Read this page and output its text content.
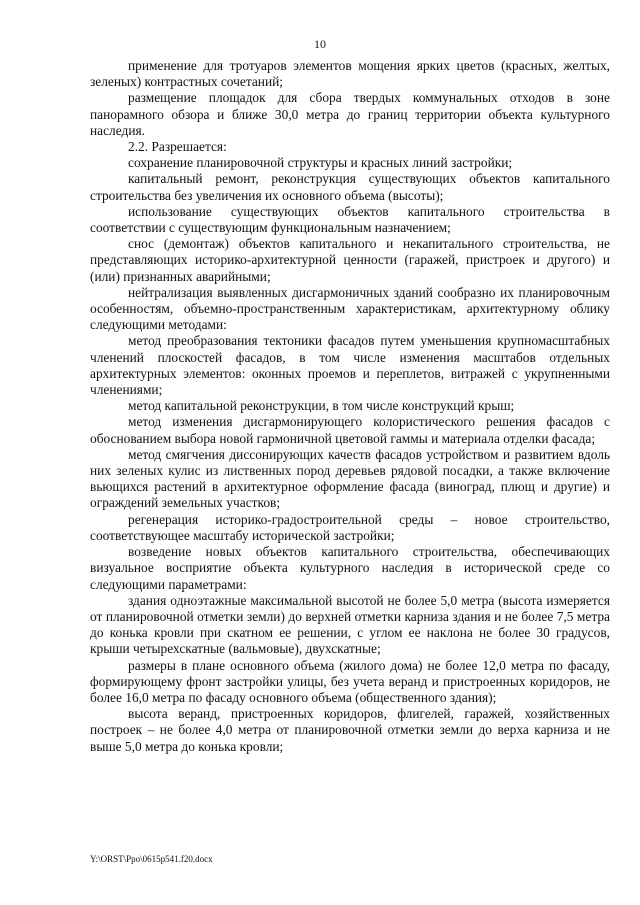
10

применение для тротуаров элементов мощения ярких цветов (красных, желтых, зеленых) контрастных сочетаний;

размещение площадок для сбора твердых коммунальных отходов в зоне панорамного обзора и ближе 30,0 метра до границ территории объекта культурного наследия.

2.2. Разрешается:

сохранение планировочной структуры и красных линий застройки;

капитальный ремонт, реконструкция существующих объектов капитального строительства без увеличения их основного объема (высоты);

использование существующих объектов капитального строительства в соответствии с существующим функциональным назначением;

снос (демонтаж) объектов капитального и некапитального строительства, не представляющих историко-архитектурной ценности (гаражей, пристроек и другого) и (или) признанных аварийными;

нейтрализация выявленных дисгармоничных зданий сообразно их планировочным особенностям, объемно-пространственным характеристикам, архитектурному облику следующими методами:

метод преобразования тектоники фасадов путем уменьшения крупномасштабных членений плоскостей фасадов, в том числе изменения масштабов отдельных архитектурных элементов: оконных проемов и переплетов, витражей с укрупненными членениями;

метод капитальной реконструкции, в том числе конструкций крыш;

метод изменения дисгармонирующего колористического решения фасадов с обоснованием выбора новой гармоничной цветовой гаммы и материала отделки фасада;

метод смягчения диссонирующих качеств фасадов устройством и развитием вдоль них зеленых кулис из лиственных пород деревьев рядовой посадки, а также включение вьющихся растений в архитектурное оформление фасада (виноград, плющ и другие) и ограждений земельных участков;

регенерация историко-градостроительной среды – новое строительство, соответствующее масштабу исторической застройки;

возведение новых объектов капитального строительства, обеспечивающих визуальное восприятие объекта культурного наследия в исторической среде со следующими параметрами:

здания одноэтажные максимальной высотой не более 5,0 метра (высота измеряется от планировочной отметки земли) до верхней отметки карниза здания и не более 7,5 метра до конька кровли при скатном ее решении, с углом ее наклона не более 30 градусов, крыши четырехскатные (вальмовые), двухскатные;

размеры в плане основного объема (жилого дома) не более 12,0 метра по фасаду, формирующему фронт застройки улицы, без учета веранд и пристроенных коридоров, не более 16,0 метра по фасаду основного объема (общественного здания);

высота веранд, пристроенных коридоров, флигелей, гаражей, хозяйственных построек – не более 4,0 метра от планировочной отметки земли до верха карниза и не выше 5,0 метра до конька кровли;

Y:\ORST\Ppo\0615p541.f20.docx
